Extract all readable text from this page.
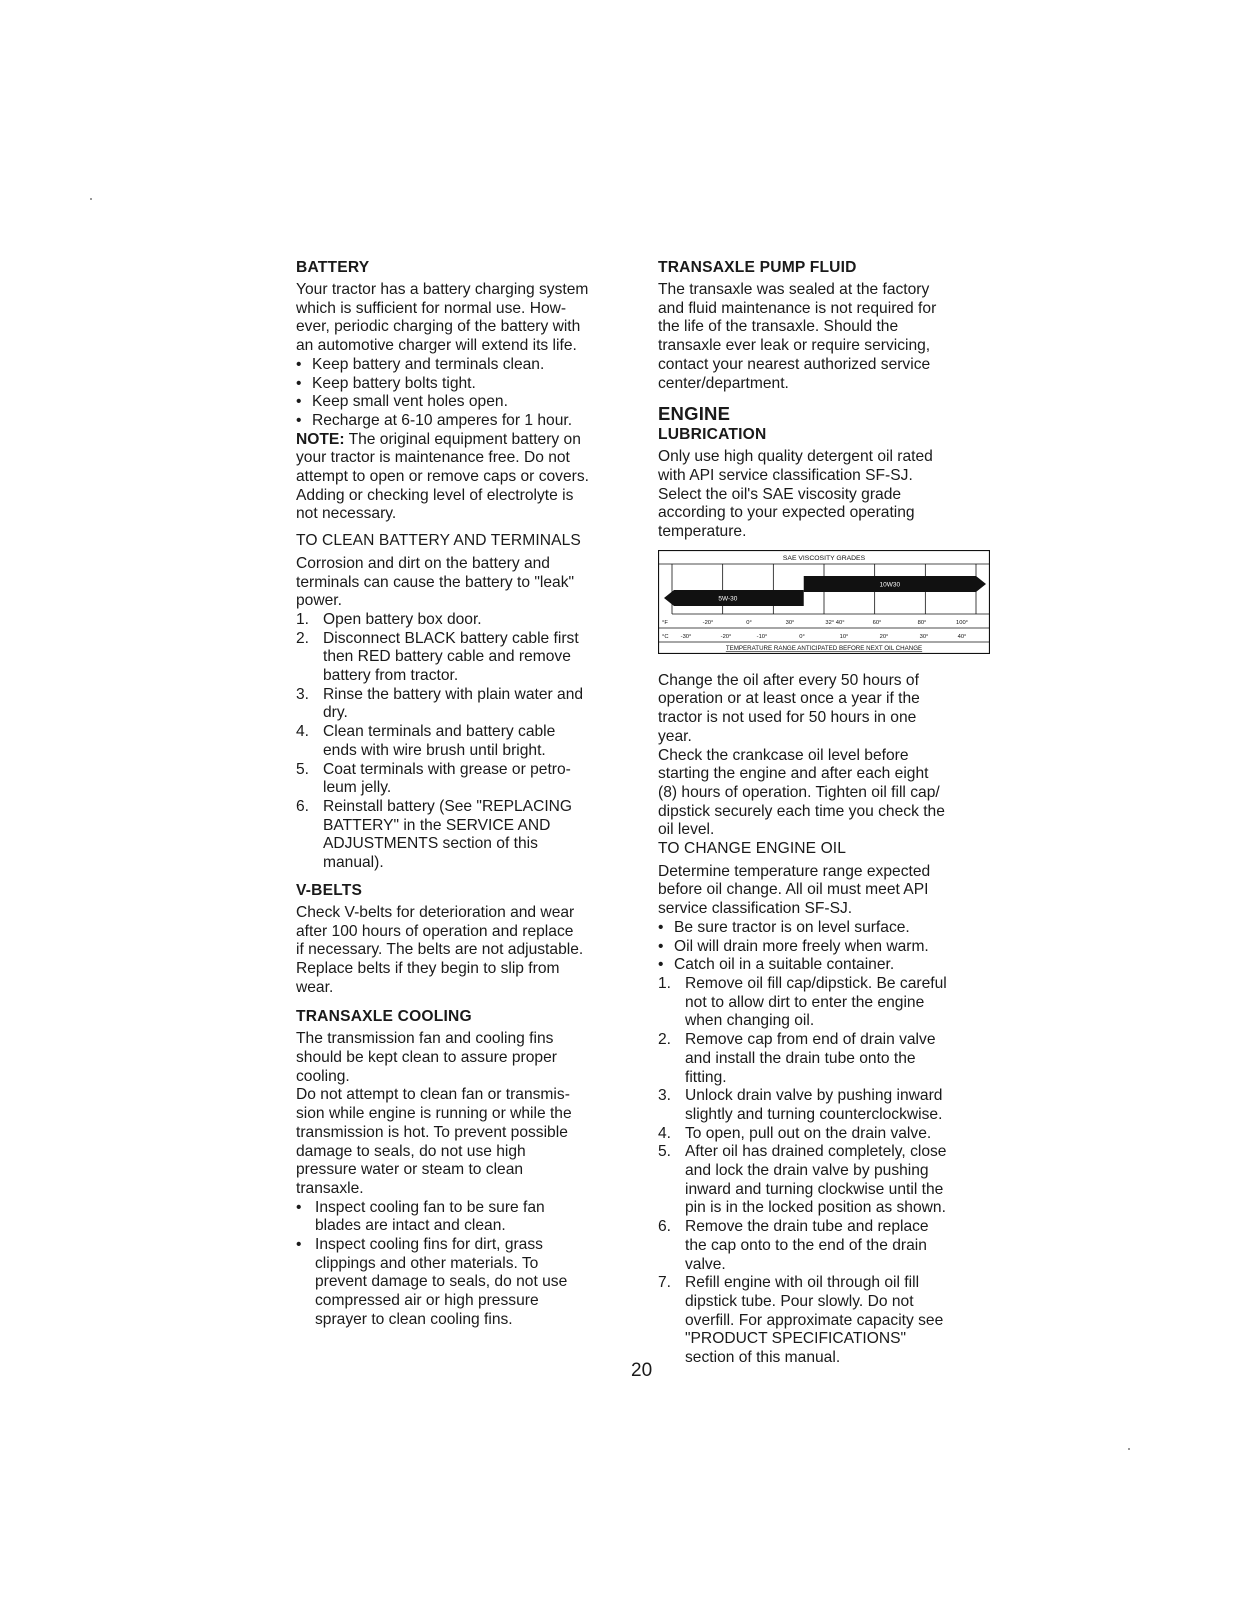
BATTERY
Your tractor has a battery charging system
which is sufficient for normal use. How-
ever, periodic charging of the battery with
an automotive charger will extend its life.
• Keep battery and terminals clean.
• Keep battery bolts tight.
• Keep small vent holes open.
• Recharge at 6-10 amperes for 1 hour.
NOTE: The original equipment battery on
your tractor is maintenance free. Do not
attempt to open or remove caps or covers.
Adding or checking level of electrolyte is
not necessary.
TO CLEAN BATTERY AND TERMINALS
Corrosion and dirt on the battery and
terminals can cause the battery to "leak"
power.
1. Open battery box door.
2. Disconnect BLACK battery cable first
then RED battery cable and remove
battery from tractor.
3. Rinse the battery with plain water and
dry.
4. Clean terminals and battery cable
ends with wire brush until bright.
5. Coat terminals with grease or petro-
leum jelly.
6. Reinstall battery (See "REPLACING
BATTERY" in the SERVICE AND
ADJUSTMENTS section of this
manual).
V-BELTS
Check V-belts for deterioration and wear
after 100 hours of operation and replace
if necessary. The belts are not adjustable.
Replace belts if they begin to slip from
wear.
TRANSAXLE COOLING
The transmission fan and cooling fins
should be kept clean to assure proper
cooling.
Do not attempt to clean fan or transmis-
sion while engine is running or while the
transmission is hot. To prevent possible
damage to seals, do not use high
pressure water or steam to clean
transaxle.
• Inspect cooling fan to be sure fan
blades are intact and clean.
• Inspect cooling fins for dirt, grass
clippings and other materials. To
prevent damage to seals, do not use
compressed air or high pressure
sprayer to clean cooling fins.
TRANSAXLE PUMP FLUID
The transaxle was sealed at the factory
and fluid maintenance is not required for
the life of the transaxle. Should the
transaxle ever leak or require servicing,
contact your nearest authorized service
center/department.
ENGINE
LUBRICATION
Only use high quality detergent oil rated
with API service classification SF-SJ.
Select the oil's SAE viscosity grade
according to your expected operating
temperature.
SAE VISCOSITY GRADES
10W30
5W-30
°F	-20°	0°	30°	32° 40°	60°	80°	100°
°C -30°	-20°	-10°	0°	10°	20°	30°	40°
TEMPERATURE RANGE ANTICIPATED BEFORE NEXT OIL CHANGE
Change the oil after every 50 hours of
operation or at least once a year if the
tractor is not used for 50 hours in one
year.
Check the crankcase oil level before
starting the engine and after each eight
(8) hours of operation. Tighten oil fill cap/
dipstick securely each time you check the
oil level.
TO CHANGE ENGINE OIL
Determine temperature range expected
before oil change. All oil must meet API
service classification SF-SJ.
• Be sure tractor is on level surface.
• Oil will drain more freely when warm.
• Catch oil in a suitable container.
1. Remove oil fill cap/dipstick. Be careful
not to allow dirt to enter the engine
when changing oil.
2. Remove cap from end of drain valve
and install the drain tube onto the
fitting.
3. Unlock drain valve by pushing inward
slightly and turning counterclockwise.
4. To open, pull out on the drain valve.
5. After oil has drained completely, close
and lock the drain valve by pushing
inward and turning clockwise until the
pin is in the locked position as shown.
6. Remove the drain tube and replace
the cap onto to the end of the drain
valve.
7. Refill engine with oil through oil fill
dipstick tube. Pour slowly. Do not
overfill. For approximate capacity see
"PRODUCT SPECIFICATIONS"
section of this manual.
20
